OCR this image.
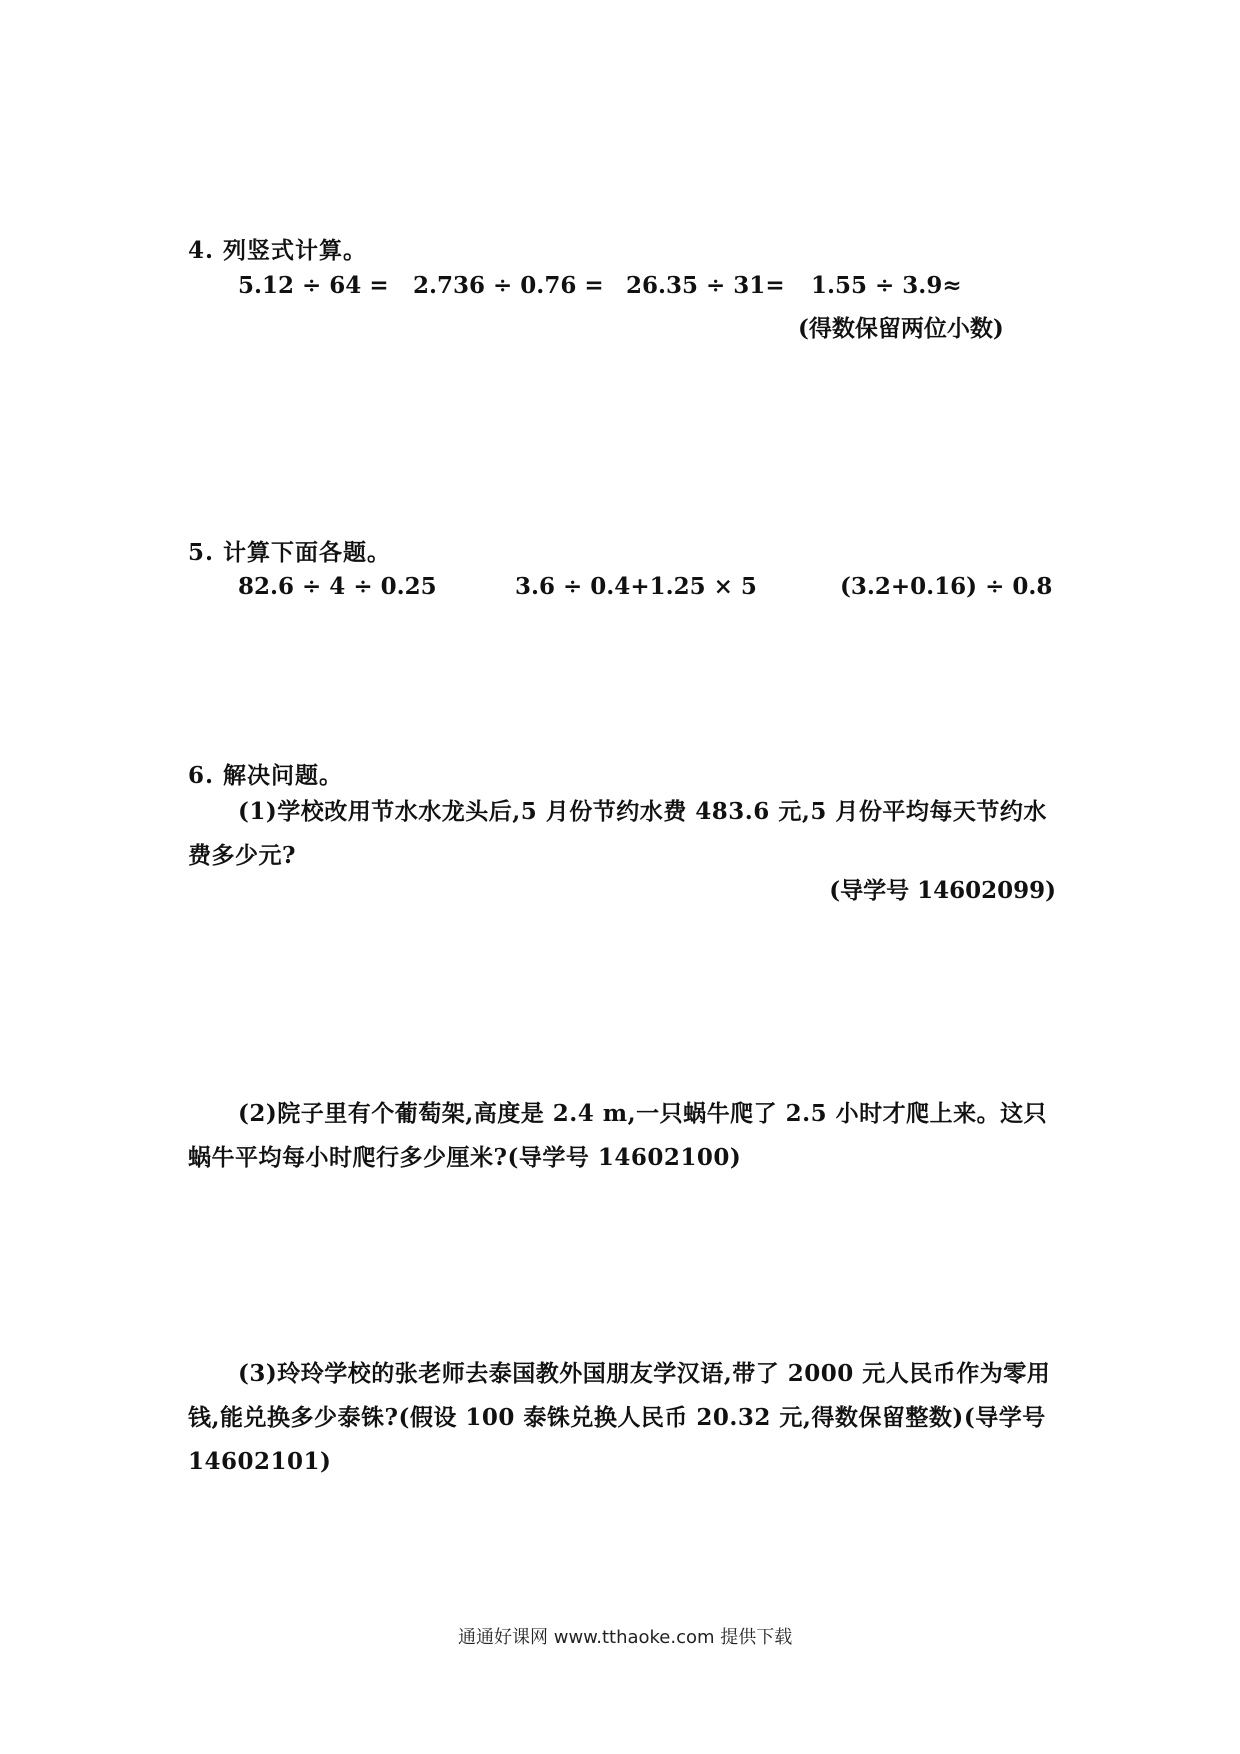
4. 列竖式计算。
5.12 ÷ 64 = 2.736 ÷ 0.76 = 26.35 ÷ 31= 1.55 ÷ 3.9≈
(得数保留两位小数)
5. 计算下面各题。
82.6 ÷ 4 ÷ 0.25	3.6 ÷ 0.4+1.25 × 5	(3.2+0.16) ÷ 0.8
6. 解决问题。
(1)学校改用节水水龙头后,5 月份节约水费 483.6 元,5 月份平均每天节约水费多少元?
(导学号 14602099)
(2)院子里有个葡萄架,高度是 2.4 m,一只蜗牛爬了 2.5 小时才爬上来。这只蜗牛平均每小时爬行多少厘米?(导学号 14602100)
(3)玲玲学校的张老师去泰国教外国朋友学汉语,带了 2000 元人民币作为零用钱,能兑换多少泰铢?(假设 100 泰铢兑换人民币 20.32 元,得数保留整数)(导学号 14602101)
通通好课网 www.tthaoke.com 提供下载
